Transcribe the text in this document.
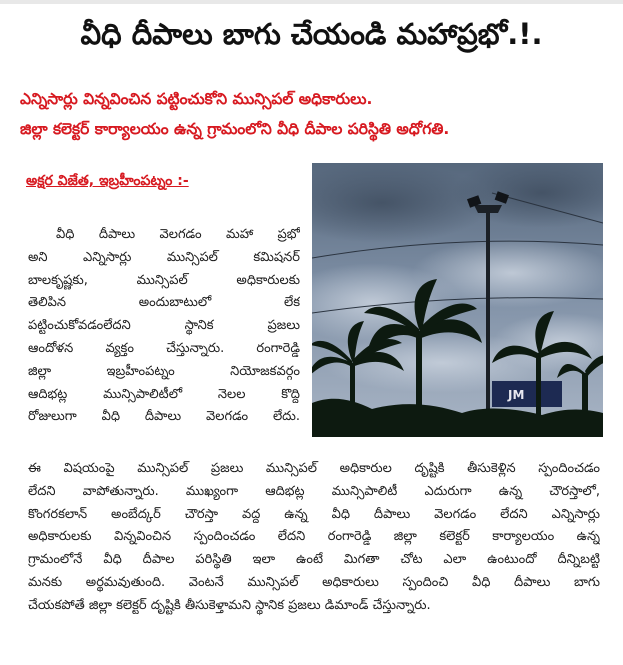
వీధి దీపాలు బాగు చేయండి మహాప్రభో.!.
ఎన్నిసార్లు విన్నవించిన పట్టించుకోని మున్సిపల్ అధికారులు.
జిల్లా కలెక్టర్ కార్యాలయం ఉన్న గ్రామంలోని వీధి దీపాల పరిస్థితి అధోగతి.
అక్షర విజేత, ఇబ్రహీంపట్నం :-
JM
వీధి దీపాలు వెలగడం మహా ప్రభో
అని ఎన్నిసార్లు మున్సిపల్ కమిషనర్
బాలకృష్ణకు, మున్సిపల్ అధికారులకు
తెలిపిన అందుబాటులో లేక
పట్టించుకోవడంలేదని స్థానిక ప్రజలు
ఆందోళన వ్యక్తం చేస్తున్నారు. రంగారెడ్డి
జిల్లా ఇబ్రహీంపట్నం నియోజకవర్గం
ఆదిభట్ల మున్సిపాలిటీలో నెలల కొద్ది
రోజులుగా వీధి దీపాలు వెలగడం లేదు.
ఈ విషయంపై మున్సిపల్ ప్రజలు మున్సిపల్ అధికారుల దృష్టికి తీసుకెళ్లిన స్పందించడం
లేదని వాపోతున్నారు. ముఖ్యంగా ఆదిభట్ల మున్సిపాలిటీ ఎదురుగా ఉన్న చౌరస్తాలో,
కొంగరకలాన్ అంబేద్కర్ చౌరస్తా వద్ద ఉన్న వీధి దీపాలు వెలగడం లేదని ఎన్నిసార్లు
అధికారులకు విన్నవించిన స్పందించడం లేదని రంగారెడ్డి జిల్లా కలెక్టర్ కార్యాలయం ఉన్న
గ్రామంలోనే వీధి దీపాల పరిస్థితి ఇలా ఉంటే మిగతా చోట ఎలా ఉంటుందో దీన్నిబట్టి
మనకు అర్థమవుతుంది. వెంటనే మున్సిపల్ అధికారులు స్పందించి వీధి దీపాలు బాగు
చేయకపోతే జిల్లా కలెక్టర్ దృష్టికి తీసుకెళ్తామని స్థానిక ప్రజలు డిమాండ్ చేస్తున్నారు.
